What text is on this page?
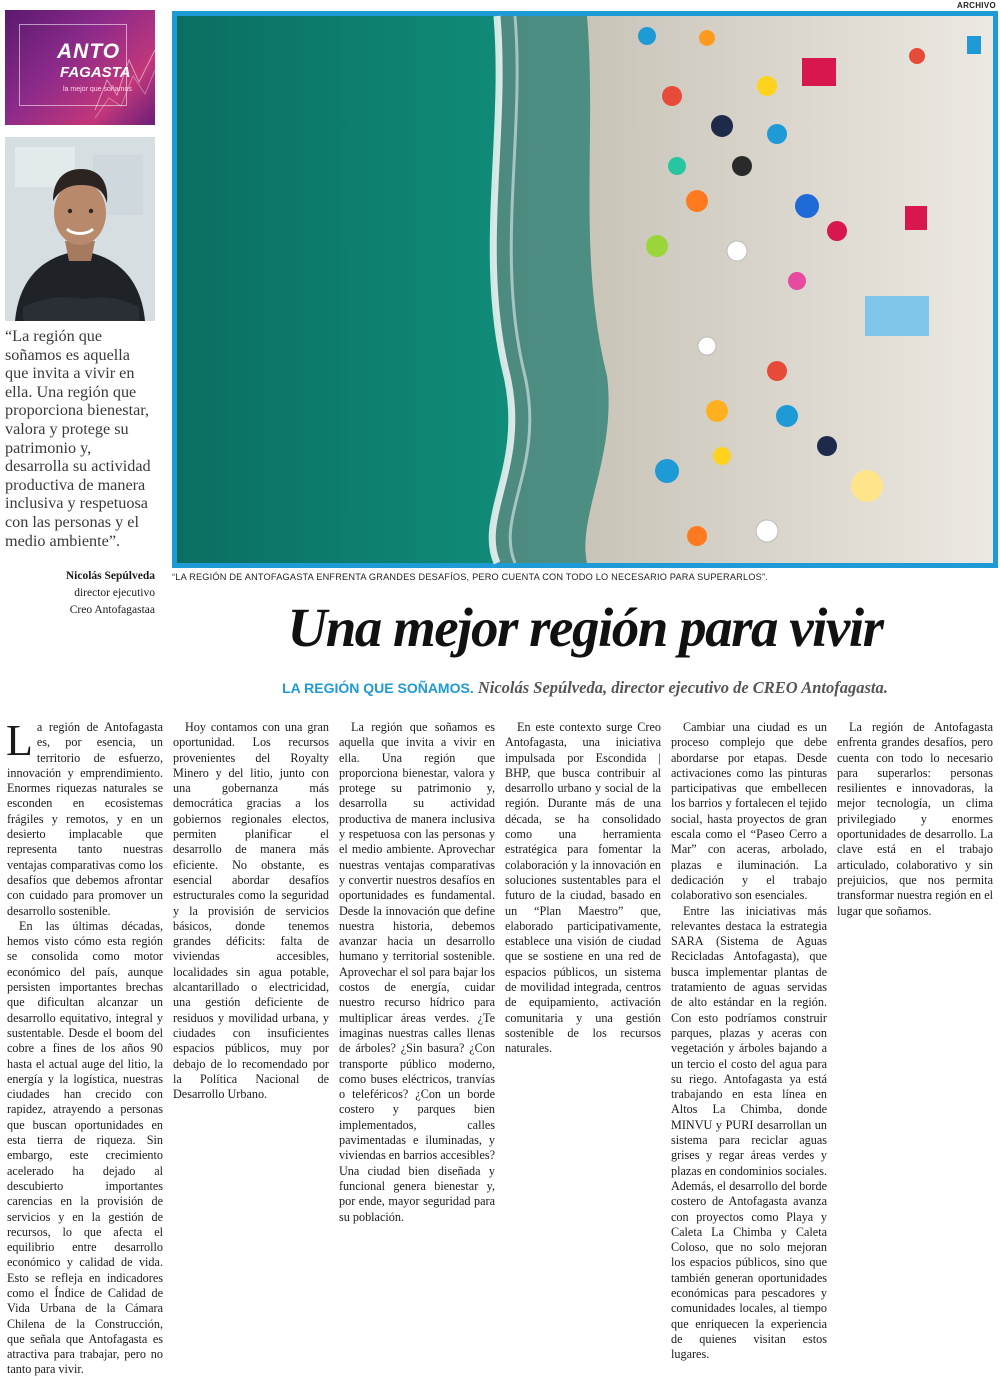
ARCHIVO
ANTO
FAGASTA
la mejor que soñamos
“La región que soñamos es aquella que invita a vivir en ella. Una región que proporciona bienestar, valora y protege su patrimonio y, desarrolla su actividad productiva de manera inclusiva y respetuosa con las personas y el medio ambiente”.
Nicolás Sepúlveda
director ejecutivo
Creo Antofagastaa
“LA REGIÓN DE ANTOFAGASTA ENFRENTA GRANDES DESAFÍOS, PERO CUENTA CON TODO LO NECESARIO PARA SUPERARLOS”.
Una mejor región para vivir
LA REGIÓN QUE SOÑAMOS. Nicolás Sepúlveda, director ejecutivo de CREO Antofagasta.

La región de Antofagasta es, por esencia, un territorio de esfuerzo, innovación y emprendimiento. Enormes riquezas naturales se esconden en ecosistemas frágiles y remotos, y en un desierto implacable que representa tanto nuestras ventajas comparativas como los desafíos que debemos afrontar con cuidado para promover un desarrollo sostenible.

En las últimas décadas, hemos visto cómo esta región se consolida como motor económico del país, aunque persisten importantes brechas que dificultan alcanzar un desarrollo equitativo, integral y sustentable. Desde el boom del cobre a fines de los años 90 hasta el actual auge del litio, la energía y la logística, nuestras ciudades han crecido con rapidez, atrayendo a personas que buscan oportunidades en esta tierra de riqueza. Sin embargo, este crecimiento acelerado ha dejado al descubierto importantes carencias en la provisión de servicios y en la gestión de recursos, lo que afecta el equilibrio entre desarrollo económico y calidad de vida. Esto se refleja en indicadores como el Índice de Calidad de Vida Urbana de la Cámara Chilena de la Construcción, que señala que Antofagasta es atractiva para trabajar, pero no tanto para vivir.

Hoy contamos con una gran oportunidad. Los recursos provenientes del Royalty Minero y del litio, junto con una gobernanza más democrática gracias a los gobiernos regionales electos, permiten planificar el desarrollo de manera más eficiente. No obstante, es esencial abordar desafíos estructurales como la seguridad y la provisión de servicios básicos, donde tenemos grandes déficits: falta de viviendas accesibles, localidades sin agua potable, alcantarillado o electricidad, una gestión deficiente de residuos y movilidad urbana, y ciudades con insuficientes espacios públicos, muy por debajo de lo recomendado por la Política Nacional de Desarrollo Urbano.

La región que soñamos es aquella que invita a vivir en ella. Una región que proporciona bienestar, valora y protege su patrimonio y, desarrolla su actividad productiva de manera inclusiva y respetuosa con las personas y el medio ambiente. Aprovechar nuestras ventajas comparativas y convertir nuestros desafíos en oportunidades es fundamental. Desde la innovación que define nuestra historia, debemos avanzar hacia un desarrollo humano y territorial sostenible. Aprovechar el sol para bajar los costos de energía, cuidar nuestro recurso hídrico para multiplicar áreas verdes. ¿Te imaginas nuestras calles llenas de árboles? ¿Sin basura? ¿Con transporte público moderno, como buses eléctricos, tranvías o teleféricos? ¿Con un borde costero y parques bien implementados, calles pavimentadas e iluminadas, y viviendas en barrios accesibles? Una ciudad bien diseñada y funcional genera bienestar y, por ende, mayor seguridad para su población.

En este contexto surge Creo Antofagasta, una iniciativa impulsada por Escondida | BHP, que busca contribuir al desarrollo urbano y social de la región. Durante más de una década, se ha consolidado como una herramienta estratégica para fomentar la colaboración y la innovación en soluciones sustentables para el futuro de la ciudad, basado en un “Plan Maestro” que, elaborado participativamente, establece una visión de ciudad que se sostiene en una red de espacios públicos, un sistema de movilidad integrada, centros de equipamiento, activación comunitaria y una gestión sostenible de los recursos naturales.

Cambiar una ciudad es un proceso complejo que debe abordarse por etapas. Desde activaciones como las pinturas participativas que embellecen los barrios y fortalecen el tejido social, hasta proyectos de gran escala como el “Paseo Cerro a Mar” con aceras, arbolado, plazas e iluminación. La dedicación y el trabajo colaborativo son esenciales.

Entre las iniciativas más relevantes destaca la estrategia SARA (Sistema de Aguas Recicladas Antofagasta), que busca implementar plantas de tratamiento de aguas servidas de alto estándar en la región. Con esto podríamos construir parques, plazas y aceras con vegetación y árboles bajando a un tercio el costo del agua para su riego. Antofagasta ya está trabajando en esta línea en Altos La Chimba, donde MINVU y PURI desarrollan un sistema para reciclar aguas grises y regar áreas verdes y plazas en condominios sociales. Además, el desarrollo del borde costero de Antofagasta avanza con proyectos como Playa y Caleta La Chimba y Caleta Coloso, que no solo mejoran los espacios públicos, sino que también generan oportunidades económicas para pescadores y comunidades locales, al tiempo que enriquecen la experiencia de quienes visitan estos lugares.

La región de Antofagasta enfrenta grandes desafíos, pero cuenta con todo lo necesario para superarlos: personas resilientes e innovadoras, la mejor tecnología, un clima privilegiado y enormes oportunidades de desarrollo. La clave está en el trabajo articulado, colaborativo y sin prejuicios, que nos permita transformar nuestra región en el lugar que soñamos.
